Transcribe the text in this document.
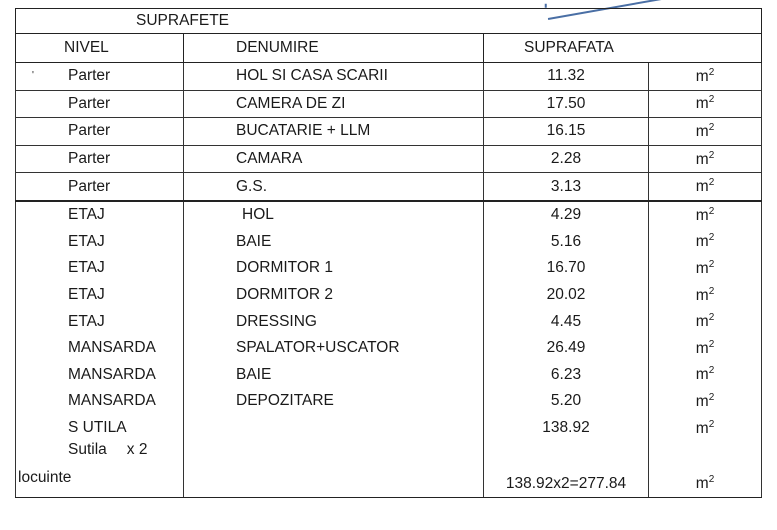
'
SUPRAFETE			
NIVEL	DENUMIRE	SUPRAFATA	
Parter	HOL SI CASA SCARII	11.32	$m^2$
Parter	CAMERA DE ZI	17.50	$m^2$
Parter	BUCATARIE + LLM	16.15	$m^2$
Parter	CAMARA	2.28	$m^2$
Parter	G.S.	3.13	$m^2$
ETAJ	HOL	4.29	$m^2$
ETAJ	BAIE	5.16	$m^2$
ETAJ	DORMITOR 1	16.70	$m^2$
ETAJ	DORMITOR 2	20.02	$m^2$
ETAJ	DRESSING	4.45	$m^2$
MANSARDA	SPALATOR+USCATOR	26.49	$m^2$
MANSARDA	BAIE	6.23	$m^2$
MANSARDA	DEPOZITARE	5.20	$m^2$
S UTILA		138.92	$m^2$

Sutila x 2
locuinte		138.92x2=277.84	$m^2$
